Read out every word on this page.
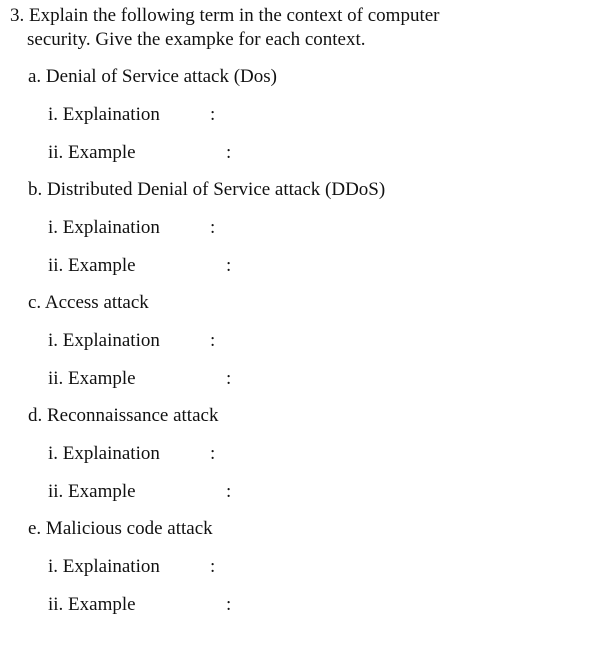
3. Explain the following term in the context of computer
security. Give the exampke for each context.
a. Denial of Service attack (Dos)
i. Explaination	:
ii. Example	:
b. Distributed Denial of Service attack (DDoS)
i. Explaination	:
ii. Example	:
c. Access attack
i. Explaination	:
ii. Example	:
d. Reconnaissance attack
i. Explaination	:
ii. Example	:
e. Malicious code attack
i. Explaination	:
ii. Example	:
